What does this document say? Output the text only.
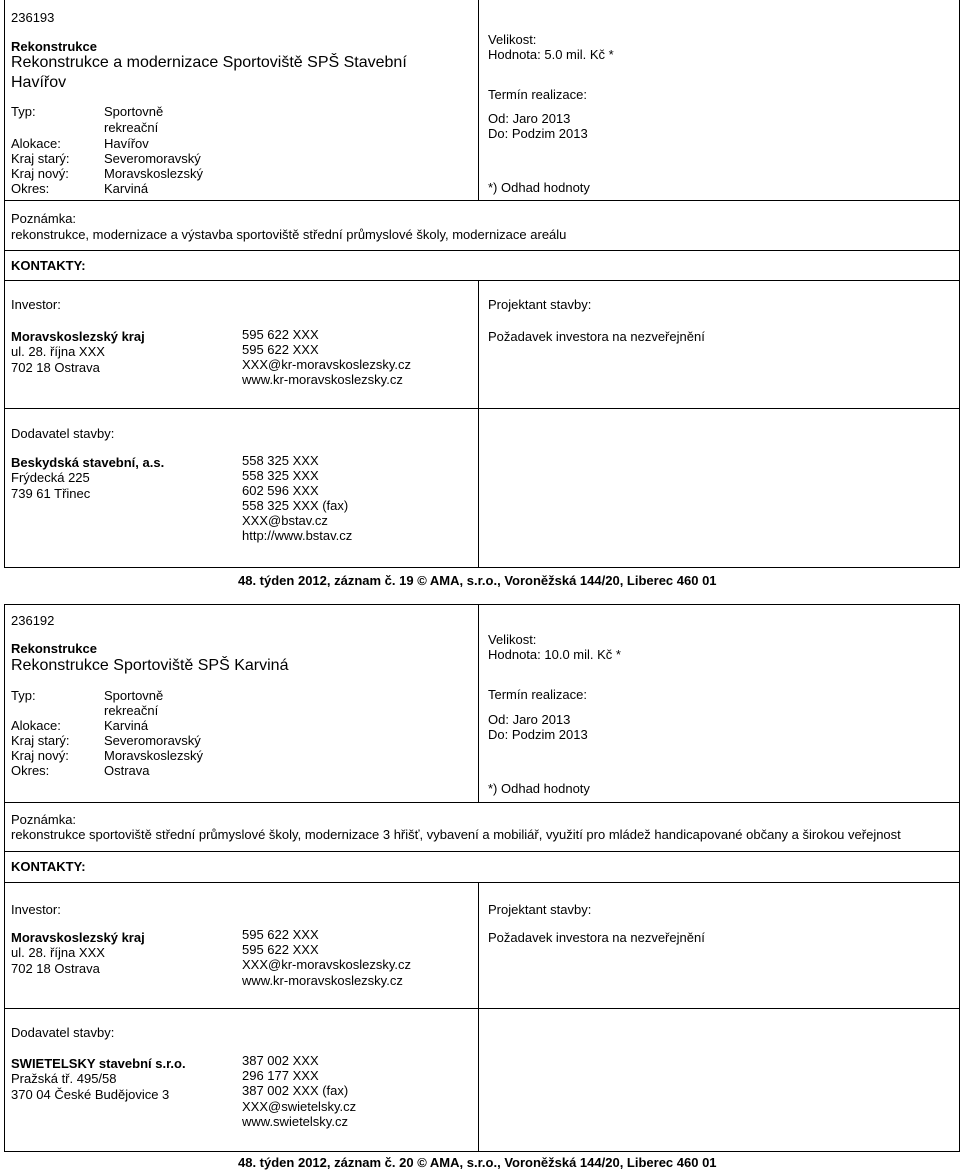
236193
Rekonstrukce
Rekonstrukce a modernizace Sportoviště SPŠ Stavební
Havířov
Typ:	Sportovně
rekreační
Alokace:	Havířov
Kraj starý:	Severomoravský
Kraj nový:	Moravskoslezský
Okres:	Karviná
Velikost:
Hodnota: 5.0 mil. Kč *
Termín realizace:
Od: Jaro 2013
Do: Podzim 2013
*) Odhad hodnoty
Poznámka:
rekonstrukce, modernizace a výstavba sportoviště střední průmyslové školy, modernizace areálu
KONTAKTY:
Investor:
Moravskoslezský kraj
ul. 28. října XXX
702 18 Ostrava
595 622 XXX
595 622 XXX
XXX@kr-moravskoslezsky.cz
www.kr-moravskoslezsky.cz
Projektant stavby:
Požadavek investora na nezveřejnění
Dodavatel stavby:
Beskydská stavební, a.s.
Frýdecká 225
739 61 Třinec
558 325 XXX
558 325 XXX
602 596 XXX
558 325 XXX (fax)
XXX@bstav.cz
http://www.bstav.cz
48. týden 2012, záznam č. 19 © AMA, s.r.o., Voroněžská 144/20, Liberec 460 01
236192
Rekonstrukce
Rekonstrukce Sportoviště SPŠ Karviná
Typ:	Sportovně
rekreační
Alokace:	Karviná
Kraj starý:	Severomoravský
Kraj nový:	Moravskoslezský
Okres:	Ostrava
Velikost:
Hodnota: 10.0 mil. Kč *
Termín realizace:
Od: Jaro 2013
Do: Podzim 2013
*) Odhad hodnoty
Poznámka:
rekonstrukce sportoviště střední průmyslové školy, modernizace 3 hřišť, vybavení a mobiliář, využití pro mládež handicapované občany a širokou veřejnost
KONTAKTY:
Investor:
Moravskoslezský kraj
ul. 28. října XXX
702 18 Ostrava
595 622 XXX
595 622 XXX
XXX@kr-moravskoslezsky.cz
www.kr-moravskoslezsky.cz
Projektant stavby:
Požadavek investora na nezveřejnění
Dodavatel stavby:
SWIETELSKY stavební s.r.o.
Pražská tř. 495/58
370 04 České Budějovice 3
387 002 XXX
296 177 XXX
387 002 XXX (fax)
XXX@swietelsky.cz
www.swietelsky.cz
48. týden 2012, záznam č. 20 © AMA, s.r.o., Voroněžská 144/20, Liberec 460 01
